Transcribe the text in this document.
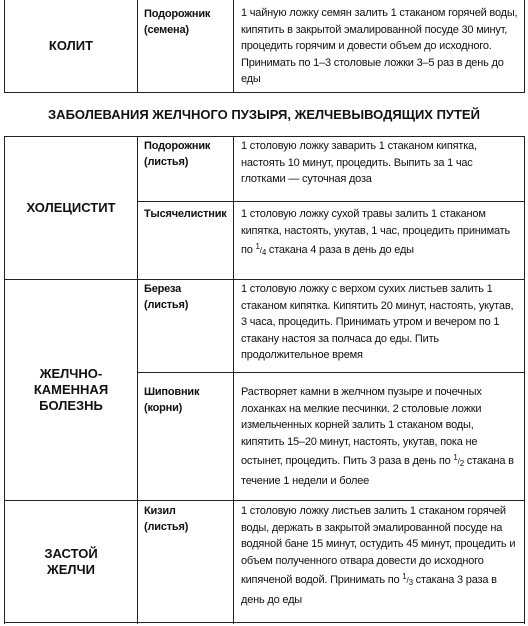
КОЛИТ
Подорожник
(семена)
1 чайную ложку семян залить 1 стаканом горячей воды, кипятить в закрытой эмалированной посуде 30 минут, процедить горячим и довести объем до исходного. Принимать по 1–3 столовые ложки 3–5 раз в день до еды
ЗАБОЛЕВАНИЯ ЖЕЛЧНОГО ПУЗЫРЯ, ЖЕЛЧЕВЫВОДЯЩИХ ПУТЕЙ
ХОЛЕЦИСТИТ
Подорожник
(листья)
1 столовую ложку заварить 1 стаканом кипятка, настоять 10 минут, процедить. Выпить за 1 час глотками — суточная доза
Тысячелистник	1 столовую ложку сухой травы залить 1 стаканом кипятка, настоять, укутав, 1 час, процедить принимать по $^1/_4$ стакана 4 раза в день до еды
ЖЕЛЧНО-
КАМЕННАЯ
БОЛЕЗНЬ
Береза
(листья)
1 столовую ложку с верхом сухих листьев залить 1 стаканом кипятка. Кипятить 20 минут, настоять, укутав, 3 часа, процедить. Принимать утром и вечером по 1 стакану настоя за полчаса до еды. Пить продолжительное время
Шиповник
(корни)
Растворяет камни в желчном пузыре и почечных лоханках на мелкие песчинки. 2 столовые ложки измельченных корней залить 1 стаканом воды, кипятить 15–20 минут, настоять, укутав, пока не остынет, процедить. Пить 3 раза в день по $^1/_2$ стакана в течение 1 недели и более
ЗАСТОЙ
ЖЕЛЧИ
Кизил
(листья)
1 столовую ложку листьев залить 1 стаканом горячей воды, держать в закрытой эмалированной посуде на водяной бане 15 минут, остудить 45 минут, процедить и объем полученного отвара довести до исходного кипяченой водой. Принимать по $^1/_3$ стакана 3 раза в день до еды
